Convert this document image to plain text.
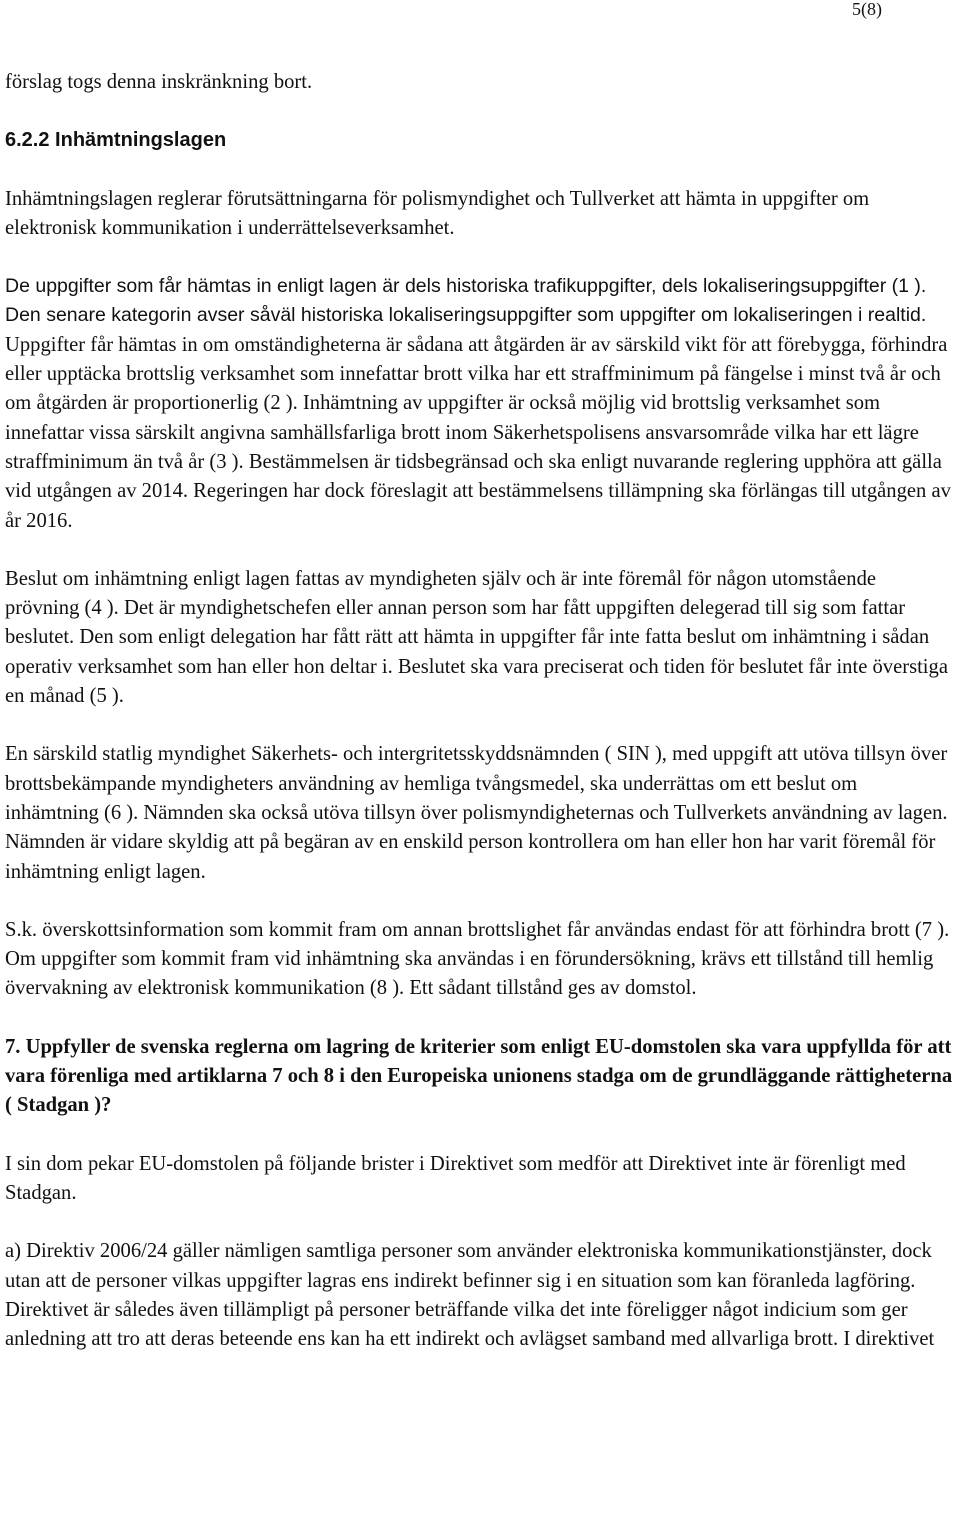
5(8)

förslag togs denna inskränkning bort.

6.2.2 Inhämtningslagen

Inhämtningslagen reglerar förutsättningarna för polismyndighet och Tullverket att hämta in uppgifter om elektronisk kommunikation i underrättelseverksamhet.

De uppgifter som får hämtas in enligt lagen är dels historiska trafikuppgifter, dels lokaliseringsuppgifter (1 ). Den senare kategorin avser såväl historiska lokaliseringsuppgifter som uppgifter om lokaliseringen i realtid. Uppgifter får hämtas in om omständigheterna är sådana att åtgärden är av särskild vikt för att förebygga, förhindra eller upptäcka brottslig verksamhet som innefattar brott vilka har ett straffminimum på fängelse i minst två år och om åtgärden är proportionerlig (2 ). Inhämtning av uppgifter är också möjlig vid brottslig verksamhet som innefattar vissa särskilt angivna samhällsfarliga brott inom Säkerhetspolisens ansvarsområde vilka har ett lägre straffminimum än två år (3 ). Bestämmelsen är tidsbegränsad och ska enligt nuvarande reglering upphöra att gälla vid utgången av 2014. Regeringen har dock föreslagit att bestämmelsens tillämpning ska förlängas till utgången av år 2016.

Beslut om inhämtning enligt lagen fattas av myndigheten själv och är inte föremål för någon utomstående prövning (4 ). Det är myndighetschefen eller annan person som har fått uppgiften delegerad till sig som fattar beslutet. Den som enligt delegation har fått rätt att hämta in uppgifter får inte fatta beslut om inhämtning i sådan operativ verksamhet som han eller hon deltar i. Beslutet ska vara preciserat och tiden för beslutet får inte överstiga en månad (5 ).

En särskild statlig myndighet Säkerhets- och intergritetsskyddsnämnden ( SIN ), med uppgift att utöva tillsyn över brottsbekämpande myndigheters användning av hemliga tvångsmedel, ska underrättas om ett beslut om inhämtning (6 ). Nämnden ska också utöva tillsyn över polismyndigheternas och Tullverkets användning av lagen. Nämnden är vidare skyldig att på begäran av en enskild person kontrollera om han eller hon har varit föremål för inhämtning enligt lagen.

S.k. överskottsinformation som kommit fram om annan brottslighet får användas endast för att förhindra brott (7 ). Om uppgifter som kommit fram vid inhämtning ska användas i en förundersökning, krävs ett tillstånd till hemlig övervakning av elektronisk kommunikation (8 ). Ett sådant tillstånd ges av domstol.

7. Uppfyller de svenska reglerna om lagring de kriterier som enligt EU-domstolen ska vara uppfyllda för att vara förenliga med artiklarna 7 och 8 i den Europeiska unionens stadga om de grundläggande rättigheterna ( Stadgan )?

I sin dom pekar EU-domstolen på följande brister i Direktivet som medför att Direktivet inte är förenligt med Stadgan.

a) Direktiv 2006/24 gäller nämligen samtliga personer som använder elektroniska kommunikationstjänster, dock utan att de personer vilkas uppgifter lagras ens indirekt befinner sig i en situation som kan föranleda lagföring. Direktivet är således även tillämpligt på personer beträffande vilka det inte föreligger något indicium som ger anledning att tro att deras beteende ens kan ha ett indirekt och avlägset samband med allvarliga brott. I direktivet
